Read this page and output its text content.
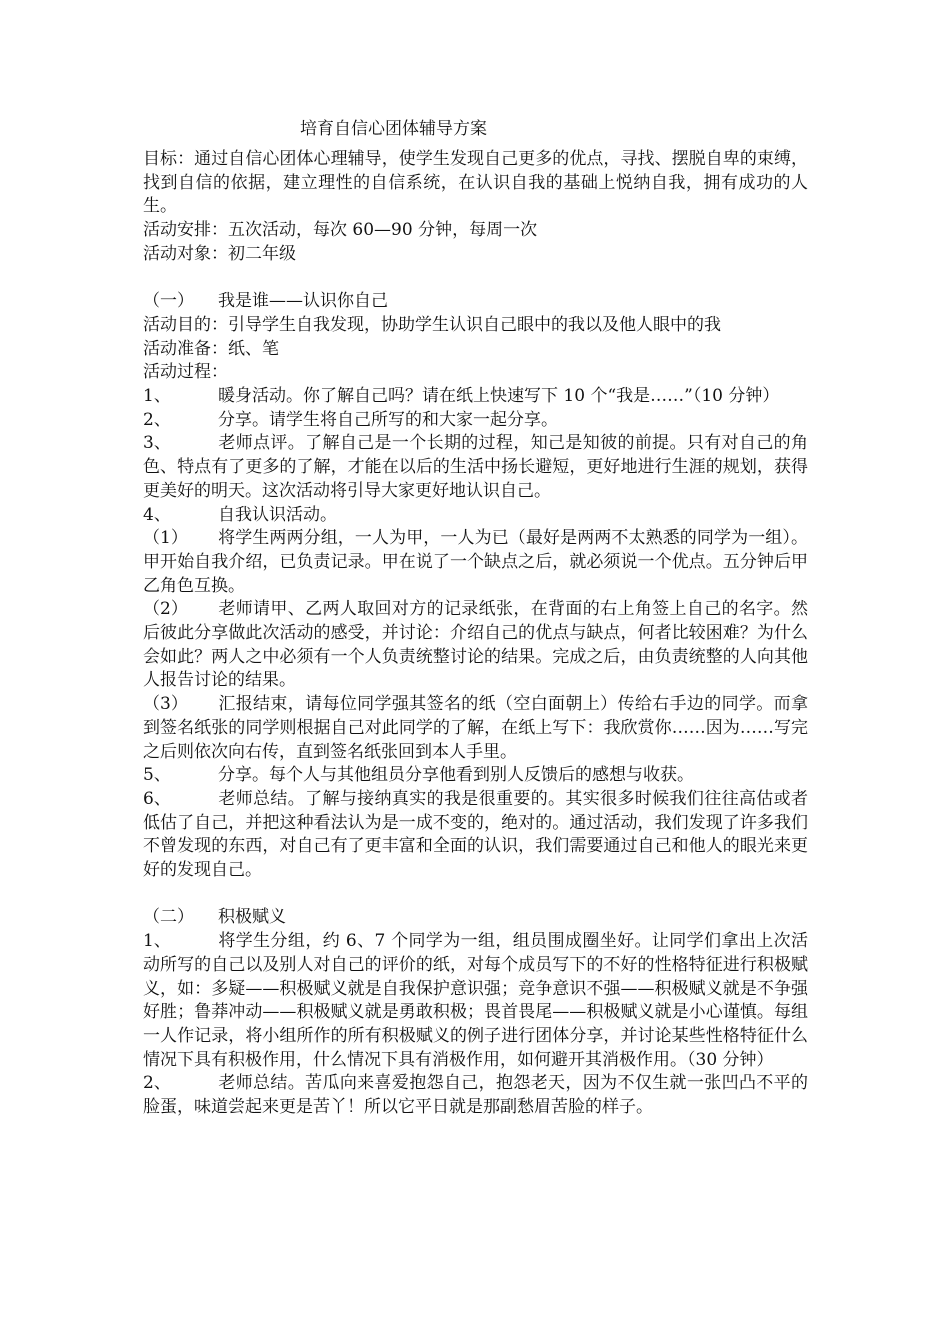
培育自信心团体辅导方案

目标：通过自信心团体心理辅导，使学生发现自己更多的优点，寻找、摆脱自卑的束缚，找到自信的依据，建立理性的自信系统，在认识自我的基础上悦纳自我，拥有成功的人生。

活动安排：五次活动，每次 60—90 分钟，每周一次

活动对象：初二年级

（一） 我是谁——认识你自己

活动目的：引导学生自我发现，协助学生认识自己眼中的我以及他人眼中的我

活动准备：纸、笔

活动过程：

1、	暖身活动。你了解自己吗？请在纸上快速写下 10 个“我是……”（10 分钟）

2、	分享。请学生将自己所写的和大家一起分享。

3、	老师点评。了解自己是一个长期的过程，知己是知彼的前提。只有对自己的角色、特点有了更多的了解，才能在以后的生活中扬长避短，更好地进行生涯的规划，获得更美好的明天。这次活动将引导大家更好地认识自己。

4、	自我认识活动。

（1） 将学生两两分组，一人为甲，一人为已（最好是两两不太熟悉的同学为一组）。甲开始自我介绍，已负责记录。甲在说了一个缺点之后，就必须说一个优点。五分钟后甲乙角色互换。

（2） 老师请甲、乙两人取回对方的记录纸张，在背面的右上角签上自己的名字。然后彼此分享做此次活动的感受，并讨论：介绍自己的优点与缺点，何者比较困难？为什么会如此？两人之中必须有一个人负责统整讨论的结果。完成之后，由负责统整的人向其他人报告讨论的结果。

（3） 汇报结束，请每位同学强其签名的纸（空白面朝上）传给右手边的同学。而拿到签名纸张的同学则根据自己对此同学的了解，在纸上写下：我欣赏你……因为……写完之后则依次向右传，直到签名纸张回到本人手里。

5、	分享。每个人与其他组员分享他看到别人反馈后的感想与收获。

6、	老师总结。了解与接纳真实的我是很重要的。其实很多时候我们往往高估或者低估了自己，并把这种看法认为是一成不变的，绝对的。通过活动，我们发现了许多我们不曾发现的东西，对自己有了更丰富和全面的认识，我们需要通过自己和他人的眼光来更好的发现自己。

（二） 积极赋义

1、	将学生分组，约 6、7 个同学为一组，组员围成圈坐好。让同学们拿出上次活动所写的自己以及别人对自己的评价的纸，对每个成员写下的不好的性格特征进行积极赋义，如：多疑——积极赋义就是自我保护意识强；竞争意识不强——积极赋义就是不争强好胜；鲁莽冲动——积极赋义就是勇敢积极；畏首畏尾——积极赋义就是小心谨慎。每组一人作记录，将小组所作的所有积极赋义的例子进行团体分享，并讨论某些性格特征什么情况下具有积极作用，什么情况下具有消极作用，如何避开其消极作用。（30 分钟）

2、	老师总结。苦瓜向来喜爱抱怨自己，抱怨老天，因为不仅生就一张凹凸不平的脸蛋，味道尝起来更是苦丫！所以它平日就是那副愁眉苦脸的样子。
